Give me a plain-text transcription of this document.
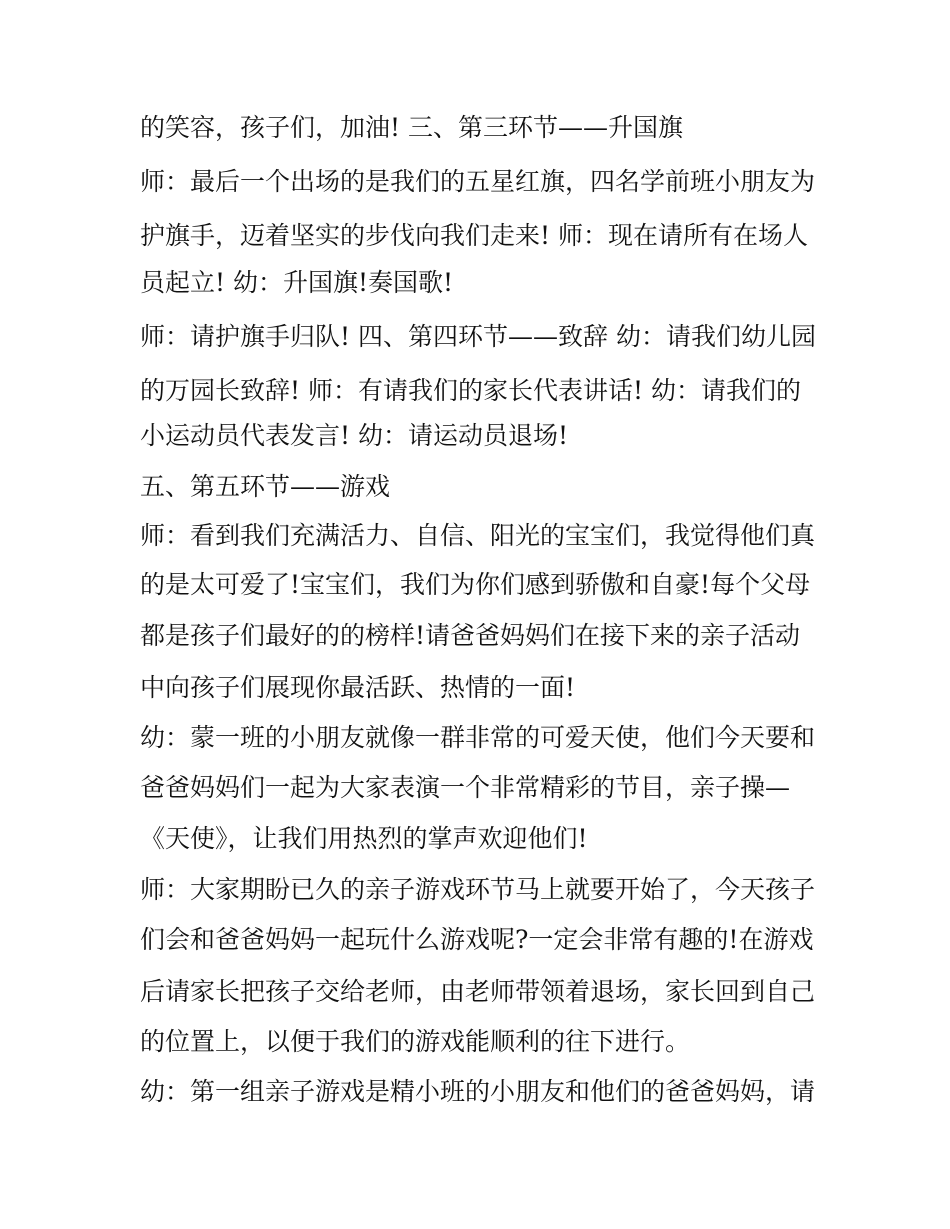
的笑容，孩子们，加油! 三、第三环节——升国旗
师：最后一个出场的是我们的五星红旗，四名学前班小朋友为
护旗手，迈着坚实的步伐向我们走来! 师：现在请所有在场人
员起立! 幼：升国旗!奏国歌!
师：请护旗手归队! 四、第四环节——致辞 幼：请我们幼儿园
的万园长致辞! 师：有请我们的家长代表讲话! 幼：请我们的
小运动员代表发言! 幼：请运动员退场!
五、第五环节——游戏
师：看到我们充满活力、自信、阳光的宝宝们，我觉得他们真
的是太可爱了!宝宝们，我们为你们感到骄傲和自豪!每个父母
都是孩子们最好的的榜样!请爸爸妈妈们在接下来的亲子活动
中向孩子们展现你最活跃、热情的一面!
幼：蒙一班的小朋友就像一群非常的可爱天使，他们今天要和
爸爸妈妈们一起为大家表演一个非常精彩的节目，亲子操—
《天使》，让我们用热烈的掌声欢迎他们!
师：大家期盼已久的亲子游戏环节马上就要开始了，今天孩子
们会和爸爸妈妈一起玩什么游戏呢?一定会非常有趣的!在游戏
后请家长把孩子交给老师，由老师带领着退场，家长回到自己
的位置上，以便于我们的游戏能顺利的往下进行。
幼：第一组亲子游戏是精小班的小朋友和他们的爸爸妈妈，请
